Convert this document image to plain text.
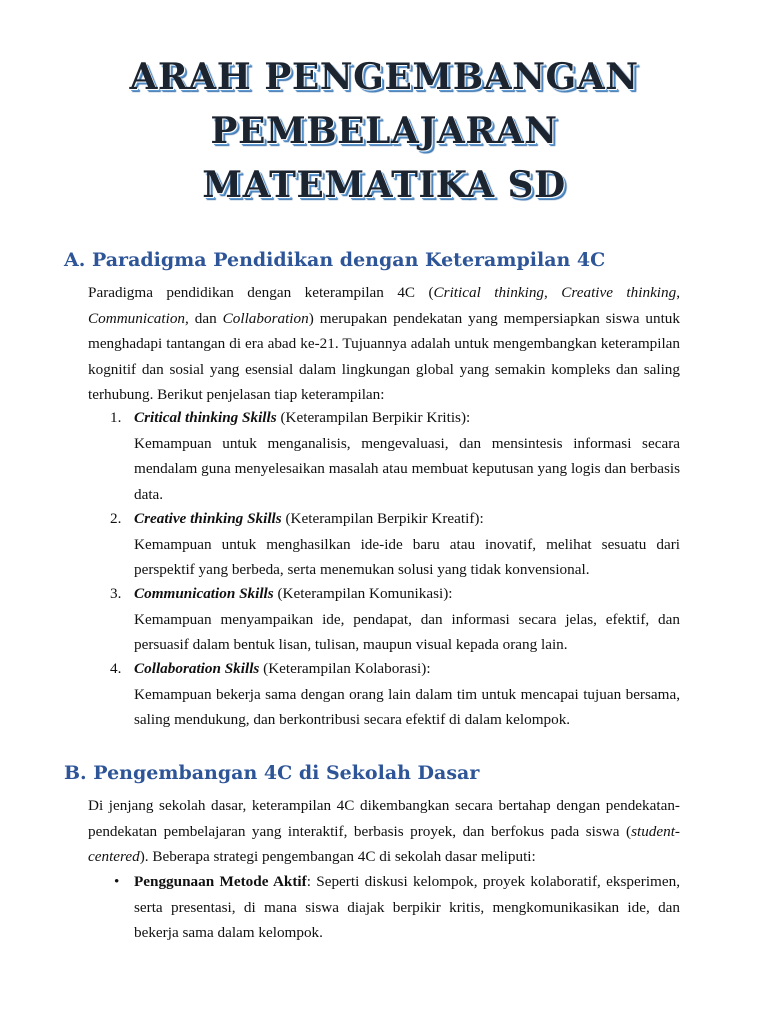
ARAH PENGEMBANGAN
PEMBELAJARAN
MATEMATIKA SD
A. Paradigma Pendidikan dengan Keterampilan 4C

Paradigma pendidikan dengan keterampilan 4C (Critical thinking, Creative thinking, Communication, dan Collaboration) merupakan pendekatan yang mempersiapkan siswa untuk menghadapi tantangan di era abad ke-21. Tujuannya adalah untuk mengembangkan keterampilan kognitif dan sosial yang esensial dalam lingkungan global yang semakin kompleks dan saling terhubung. Berikut penjelasan tiap keterampilan:

1. Critical thinking Skills (Keterampilan Berpikir Kritis):
Kemampuan untuk menganalisis, mengevaluasi, dan mensintesis informasi secara mendalam guna menyelesaikan masalah atau membuat keputusan yang logis dan berbasis data.
2. Creative thinking Skills (Keterampilan Berpikir Kreatif):
Kemampuan untuk menghasilkan ide-ide baru atau inovatif, melihat sesuatu dari perspektif yang berbeda, serta menemukan solusi yang tidak konvensional.
3. Communication Skills (Keterampilan Komunikasi):
Kemampuan menyampaikan ide, pendapat, dan informasi secara jelas, efektif, dan persuasif dalam bentuk lisan, tulisan, maupun visual kepada orang lain.
4. Collaboration Skills (Keterampilan Kolaborasi):
Kemampuan bekerja sama dengan orang lain dalam tim untuk mencapai tujuan bersama, saling mendukung, dan berkontribusi secara efektif di dalam kelompok.
B. Pengembangan 4C di Sekolah Dasar

Di jenjang sekolah dasar, keterampilan 4C dikembangkan secara bertahap dengan pendekatan-pendekatan pembelajaran yang interaktif, berbasis proyek, dan berfokus pada siswa (student-centered). Beberapa strategi pengembangan 4C di sekolah dasar meliputi:

• Penggunaan Metode Aktif: Seperti diskusi kelompok, proyek kolaboratif, eksperimen, serta presentasi, di mana siswa diajak berpikir kritis, mengkomunikasikan ide, dan bekerja sama dalam kelompok.
